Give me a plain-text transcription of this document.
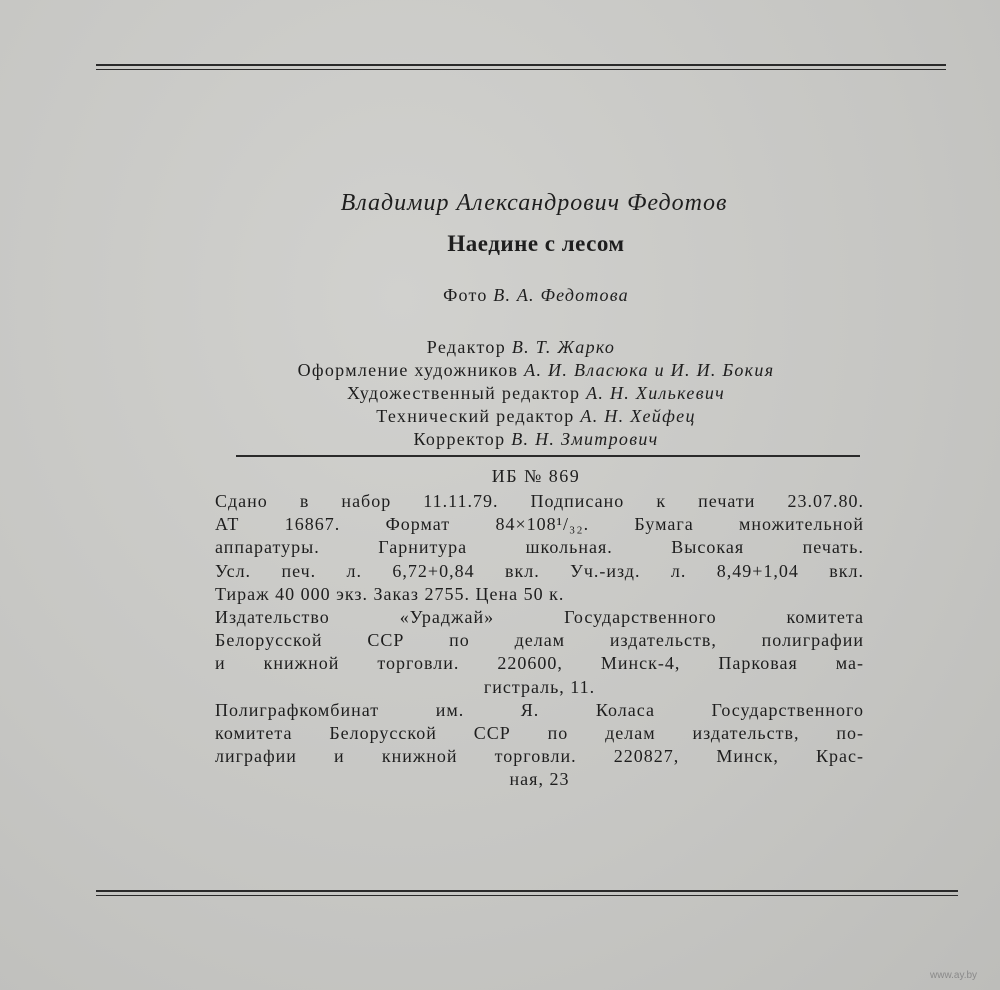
Владимир Александрович Федотов
Наедине с лесом
Фото В. А. Федотова
Редактор В. Т. Жарко
Оформление художников А. И. Власюка и И. И. Бокия
Художественный редактор А. Н. Хилькевич
Технический редактор А. Н. Хейфец
Корректор В. Н. Змитрович
ИБ № 869
Сдано в набор 11.11.79. Подписано к печати 23.07.80.
АТ 16867. Формат 84×108¹/₃₂. Бумага множительной
аппаратуры. Гарнитура школьная. Высокая печать.
Усл. печ. л. 6,72+0,84 вкл. Уч.-изд. л. 8,49+1,04 вкл.
Тираж 40 000 экз. Заказ 2755. Цена 50 к.
Издательство «Ураджай» Государственного комитета
Белорусской ССР по делам издательств, полиграфии
и книжной торговли. 220600, Минск-4, Парковая ма-
гистраль, 11.
Полиграфкомбинат им. Я. Коласа Государственного
комитета Белорусской ССР по делам издательств, по-
лиграфии и книжной торговли. 220827, Минск, Крас-
ная, 23
www.ay.by
